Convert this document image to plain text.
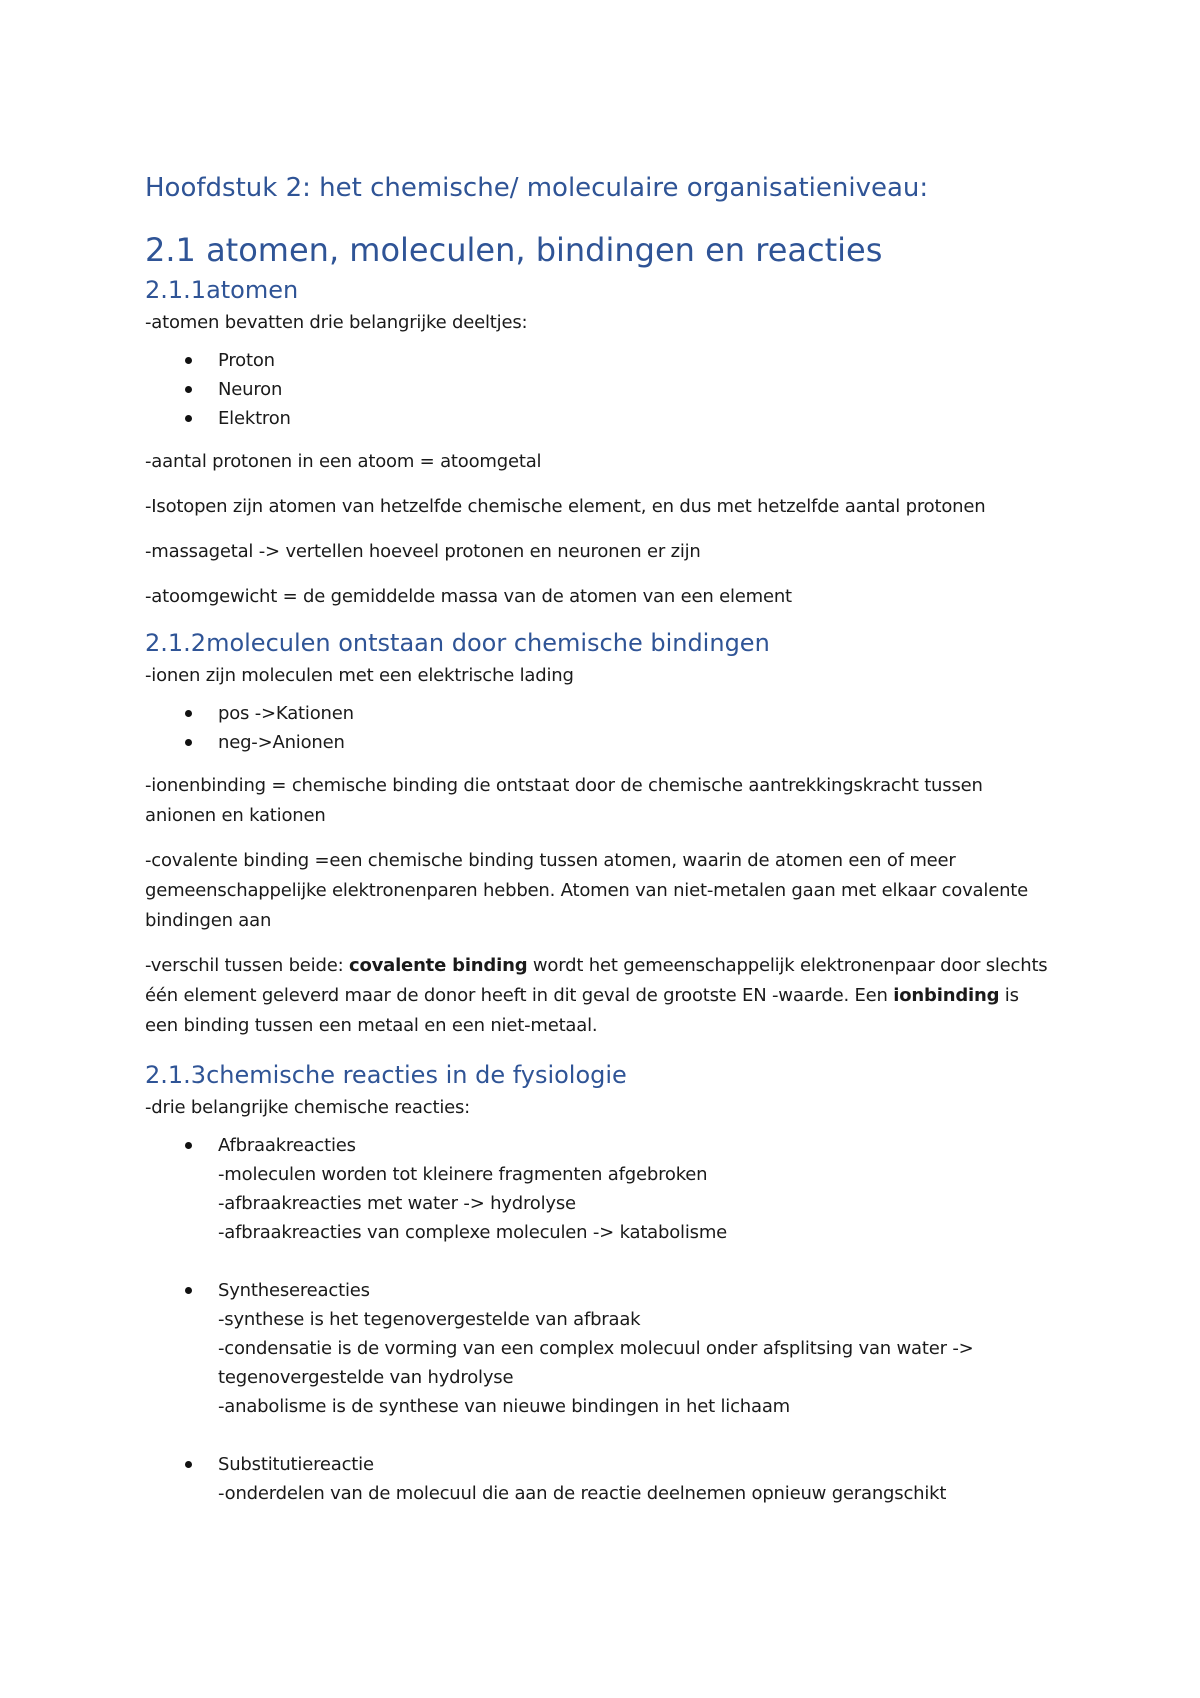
Hoofdstuk 2: het chemische/ moleculaire organisatieniveau:
2.1 atomen, moleculen, bindingen en reacties
2.1.1atomen

-atomen bevatten drie belangrijke deeltjes:

Proton
Neuron
Elektron

-aantal protonen in een atoom = atoomgetal

-Isotopen zijn atomen van hetzelfde chemische element, en dus met hetzelfde aantal protonen

-massagetal -> vertellen hoeveel protonen en neuronen er zijn

-atoomgewicht = de gemiddelde massa van de atomen van een element

2.1.2moleculen ontstaan door chemische bindingen

-ionen zijn moleculen met een elektrische lading

pos ->Kationen
neg->Anionen

-ionenbinding = chemische binding die ontstaat door de chemische aantrekkingskracht tussen
anionen en kationen

-covalente binding =een chemische binding tussen atomen, waarin de atomen een of meer
gemeenschappelijke elektronenparen hebben. Atomen van niet-metalen gaan met elkaar covalente
bindingen aan

-verschil tussen beide: covalente binding wordt het gemeenschappelijk elektronenpaar door slechts
één element geleverd maar de donor heeft in dit geval de grootste EN -waarde. Een ionbinding is
een binding tussen een metaal en een niet-metaal.

2.1.3chemische reacties in de fysiologie

-drie belangrijke chemische reacties:

Afbraakreacties
-moleculen worden tot kleinere fragmenten afgebroken
-afbraakreacties met water -> hydrolyse
-afbraakreacties van complexe moleculen -> katabolisme
Synthesereacties
-synthese is het tegenovergestelde van afbraak
-condensatie is de vorming van een complex molecuul onder afsplitsing van water ->
tegenovergestelde van hydrolyse
-anabolisme is de synthese van nieuwe bindingen in het lichaam
Substitutiereactie
-onderdelen van de molecuul die aan de reactie deelnemen opnieuw gerangschikt
